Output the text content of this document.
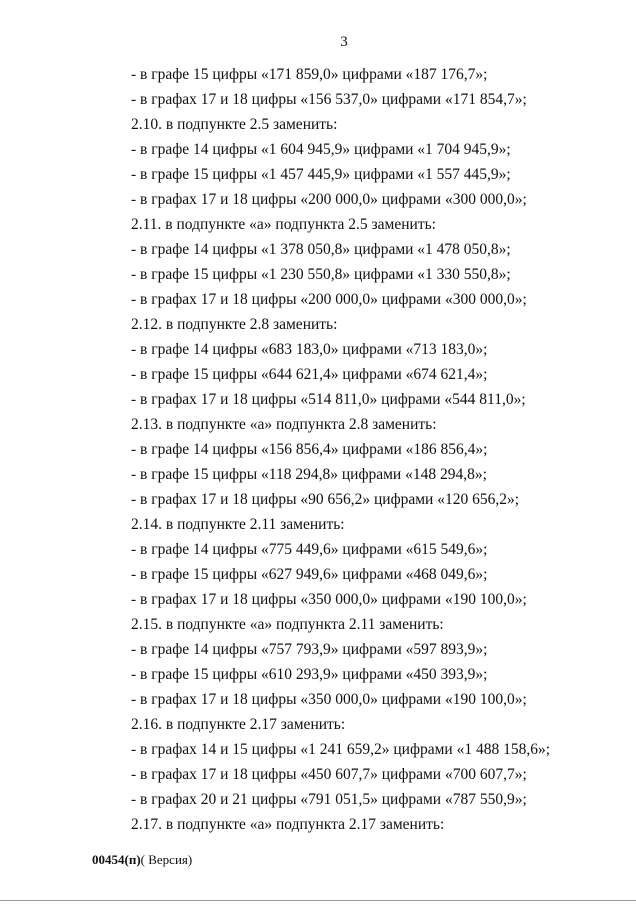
3
- в графе 15 цифры «171 859,0» цифрами «187 176,7»;
- в графах 17 и 18 цифры «156 537,0» цифрами «171 854,7»;
2.10. в подпункте 2.5 заменить:
- в графе 14 цифры «1 604 945,9» цифрами «1 704 945,9»;
- в графе 15 цифры «1 457 445,9» цифрами «1 557 445,9»;
- в графах 17 и 18 цифры «200 000,0» цифрами «300 000,0»;
2.11. в подпункте «а» подпункта 2.5 заменить:
- в графе 14 цифры «1 378 050,8» цифрами «1 478 050,8»;
- в графе 15 цифры «1 230 550,8» цифрами «1 330 550,8»;
- в графах 17 и 18 цифры «200 000,0» цифрами «300 000,0»;
2.12. в подпункте 2.8 заменить:
- в графе 14 цифры «683 183,0» цифрами «713 183,0»;
- в графе 15 цифры «644 621,4» цифрами «674 621,4»;
- в графах 17 и 18 цифры «514 811,0» цифрами «544 811,0»;
2.13. в подпункте «а» подпункта 2.8 заменить:
- в графе 14 цифры «156 856,4» цифрами «186 856,4»;
- в графе 15 цифры «118 294,8» цифрами «148 294,8»;
- в графах 17 и 18 цифры «90 656,2» цифрами «120 656,2»;
2.14. в подпункте 2.11 заменить:
- в графе 14 цифры «775 449,6» цифрами «615 549,6»;
- в графе 15 цифры «627 949,6» цифрами «468 049,6»;
- в графах 17 и 18 цифры «350 000,0» цифрами «190 100,0»;
2.15. в подпункте «а» подпункта 2.11 заменить:
- в графе 14 цифры «757 793,9» цифрами «597 893,9»;
- в графе 15 цифры «610 293,9» цифрами «450 393,9»;
- в графах 17 и 18 цифры «350 000,0» цифрами «190 100,0»;
2.16. в подпункте 2.17 заменить:
- в графах 14 и 15 цифры «1 241 659,2» цифрами «1 488 158,6»;
- в графах 17 и 18 цифры «450 607,7» цифрами «700 607,7»;
- в графах 20 и 21 цифры «791 051,5» цифрами «787 550,9»;
2.17. в подпункте «а» подпункта 2.17 заменить:
00454(п)( Версия)
